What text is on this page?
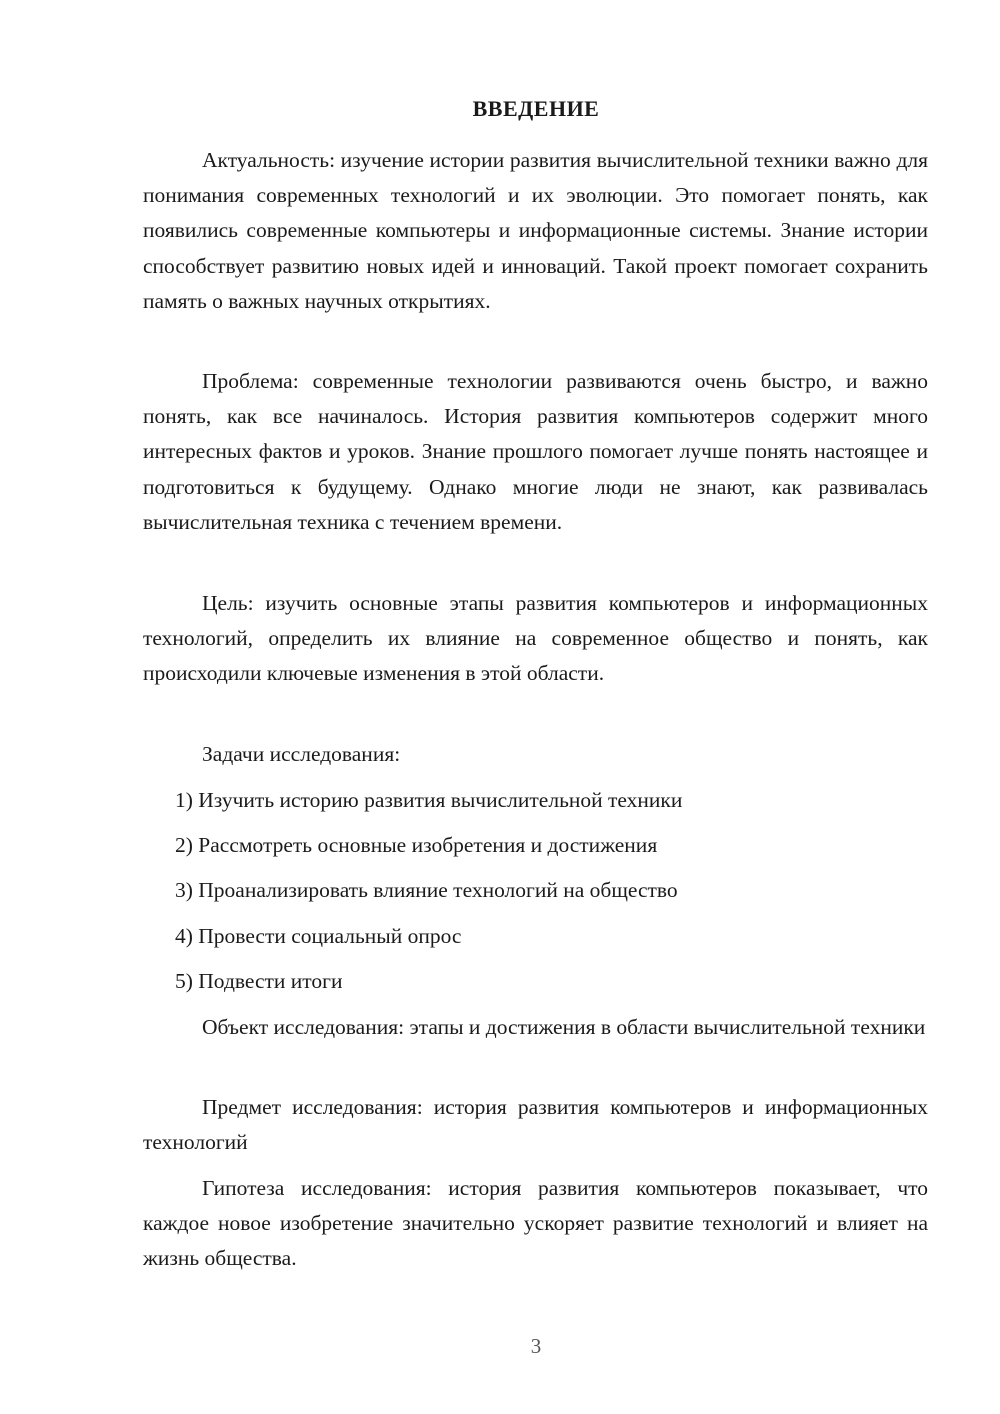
ВВЕДЕНИЕ

Актуальность: изучение истории развития вычислительной техники важно для понимания современных технологий и их эволюции. Это помогает понять, как появились современные компьютеры и информационные системы. Знание истории способствует развитию новых идей и инноваций. Такой проект помогает сохранить память о важных научных открытиях.

Проблема: современные технологии развиваются очень быстро, и важно понять, как все начиналось. История развития компьютеров содержит много интересных фактов и уроков. Знание прошлого помогает лучше понять настоящее и подготовиться к будущему. Однако многие люди не знают, как развивалась вычислительная техника с течением времени.

Цель: изучить основные этапы развития компьютеров и информационных технологий, определить их влияние на современное общество и понять, как происходили ключевые изменения в этой области.

Задачи исследования:
1) Изучить историю развития вычислительной техники
2) Рассмотреть основные изобретения и достижения
3) Проанализировать влияние технологий на общество
4) Провести социальный опрос
5) Подвести итоги

Объект исследования: этапы и достижения в области вычислительной техники

Предмет исследования: история развития компьютеров и информационных технологий

Гипотеза исследования: история развития компьютеров показывает, что каждое новое изобретение значительно ускоряет развитие технологий и влияет на жизнь общества.

3
